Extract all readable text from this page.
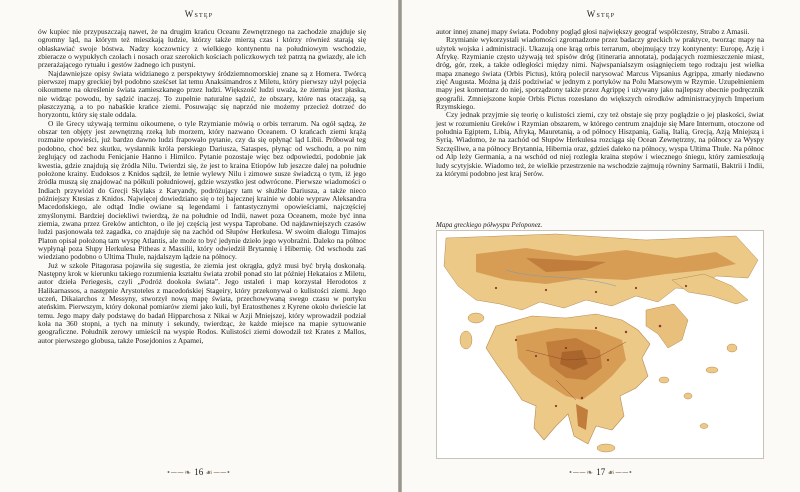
Wstęp

ów kupiec nie przypuszczają nawet, że na drugim krańcu Oceanu Zewnętrznego na zachodzie znajduje się ogromny ląd, na którym też mieszkają ludzie, którzy także mierzą czas i którzy również starają się obłaskawiać swoje bóstwa. Nadzy koczownicy z wielkiego kontynentu na południowym wschodzie, zbieracze o wypukłych czołach i nosach oraz szerokich kościach policzkowych też patrzą na gwiazdy, ale ich przerażającego rytuału i gestów żadnego ich pustyni.

Najdawniejsze opisy świata widzianego z perspektywy śródziemnomorskiej znane są z Homera. Twórcą pierwszej mapy greckiej był podobno sześćset lat temu Anaksimandros z Miletu, który pierwszy użył pojęcia oikoumene na określenie świata zamieszkanego przez ludzi. Większość ludzi uważa, że ziemia jest płaska, nie widząc powodu, by sądzić inaczej. To zupełnie naturalne sądzić, że obszary, które nas otaczają, są płaszczyzną, a to po nabaśkie krańce ziemi. Posuwając się naprzód nie możemy przecież dotrzeć do horyzontu, który się stale oddala.

O ile Grecy używają terminu oikoumene, o tyle Rzymianie mówią o orbis terrarum. Na ogół sądzą, że obszar ten objęty jest zewnętrzną rzeką lub morzem, który nazwano Oceanem. O krańcach ziemi krążą rozmaite opowieści, już bardzo dawno ludzi frapowało pytanie, czy da się opłynąć ląd Libii. Próbował teg podobno, choć bez skutku, wysłannik króla perskiego Dariusza, Sataspes, płynąc od wschodu, a po nim żeglujący od zachodu Fenicjanie Hanno i Himilco. Pytanie pozostaje więc bez odpowiedzi, podobnie jak kwestia, gdzie znajdują się źródła Nilu. Twierdzi się, że jest to kraina Etiopów lub jeszcze dalej na południe położone krainy. Eudoksos z Knidos sądził, że letnie wylewy Nilu i zimowe susze świadczą o tym, iż jego źródła muszą się znajdować na półkuli południowej, gdzie wszystko jest odwrócone. Pierwsze wiadomości o Indiach przywiózł do Grecji Skylaks z Karyandy, podróżujący tam w służbie Dariusza, a także nieco późniejszy Ktesias z Knidos. Najwięcej dowiedziano się o tej bajecznej krainie w dobie wypraw Aleksandra Macedońskiego, ale odtąd Indie owiane są legendami i fantastycznymi opowieściami, najczęściej zmyślonymi. Bardziej dociekliwi twierdzą, że na południe od Indii, nawet poza Oceanem, może być inna ziemia, zwana przez Greków antichton, o ile jej częścią jest wyspa Taprobane. Od najdawniejszych czasów ludzi pasjonowała też zagadka, co znajduje się na zachód od Słupów Herkulesa. W swoim dialogu Timajos Platon opisał położoną tam wyspę Atlantis, ale może to być jedynie dzieło jego wyobraźni. Daleko na północ wypłynął poza Słupy Herkulesa Pitheas z Massilii, który odwiedził Brytannię i Hibernię. Od wschodu zaś wiedziano podobno o Ultima Thule, najdalszym lądzie na północy.

Już w szkole Pitagorasa pojawiła się sugestia, że ziemia jest okrągła, gdyż musi być bryłą doskonałą. Następny krok w kierunku takiego rozumienia kształtu świata zrobił ponad sto lat później Hekataios z Miletu, autor dzieła Periegesis, czyli „Podróż dookoła świata”. Jego ustaleń i map korzystał Herodotos z Halikarnassos, a następnie Arystoteles z macedońskiej Stageiry, który przekonywał o kulistości ziemi. Jego uczeń, Dikaiarchos z Messyny, stworzył nową mapę świata, przechowywaną swego czasu w portyku ateńskim. Pierwszym, który dokonał pomiarów ziemi jako kuli, był Eratosthenes z Kyrene około dwieście lat temu. Jego mapy dały podstawę do badań Hipparchosa z Nikai w Azji Mniejszej, który wprowadził podział koła na 360 stopni, a tych na minuty i sekundy, twierdząc, że każde miejsce na mapie sytuowanie geograficzne. Południk zerowy umieścił na wyspie Rodos. Kulistości ziemi dowodził też Krates z Mallos, autor pierwszego globusa, także Posejdonios z Apamei,

•──❧ 16 ☙──•
Wstęp

autor innej znanej mapy świata. Podobny pogląd głosi największy geograf współczesny, Strabo z Amasii.

Rzymianie wykorzystali wiadomości zgromadzone przez badaczy greckich w praktyce, tworząc mapy na użytek wojska i administracji. Ukazują one krąg orbis terrarum, obejmujący trzy kontynenty: Europę, Azję i Afrykę. Rzymianie często używają też spisów dróg (itineraria annotata), podających rozmieszczenie miast, dróg, gór, rzek, a także odległości między nimi. Najwspanialszym osiągnięciem tego rodzaju jest wielka mapa znanego świata (Orbis Pictus), którą polecił narysować Marcus Vipsanius Agrippa, zmarły niedawno zięć Augusta. Można ją dziś podziwiać w jednym z portyków na Polu Marsowym w Rzymie. Uzupełnieniem mapy jest komentarz do niej, sporządzony także przez Agrippę i używany jako najlepszy obecnie podręcznik geografii. Zmniejszone kopie Orbis Pictus rozesłano do większych ośrodków administracyjnych Imperium Rzymskiego.

Czy jednak przyjmie się teorię o kulistości ziemi, czy też obstaje się przy poglądzie o jej płaskości, świat jest w rozumieniu Greków i Rzymian obszarem, w którego centrum znajduje się Mare Internum, otoczone od południa Egiptem, Libią, Afryką, Mauretanią, a od północy Hiszpanią, Galią, Italią, Grecją, Azją Mniejszą i Syrią. Wiadomo, że na zachód od Słupów Herkulesa rozciąga się Ocean Zewnętrzny, na północy za Wyspy Szczęśliwe, a na północy Brytannia, Hibernia oraz, gdzieś daleko na północy, wyspa Ultima Thule. Na północ od Alp leży Germania, a na wschód od niej rozległa kraina stepów i wiecznego śniegu, który zamieszkują ludy scytyjskie. Wiadomo też, że wielkie przestrzenie na wschodzie zajmują równiny Sarmatii, Baktrii i Indii, za którymi podobno jest kraj Serów.

Mapa greckiego półwyspu Peloponez.
•──❧ 17 ☙──•
